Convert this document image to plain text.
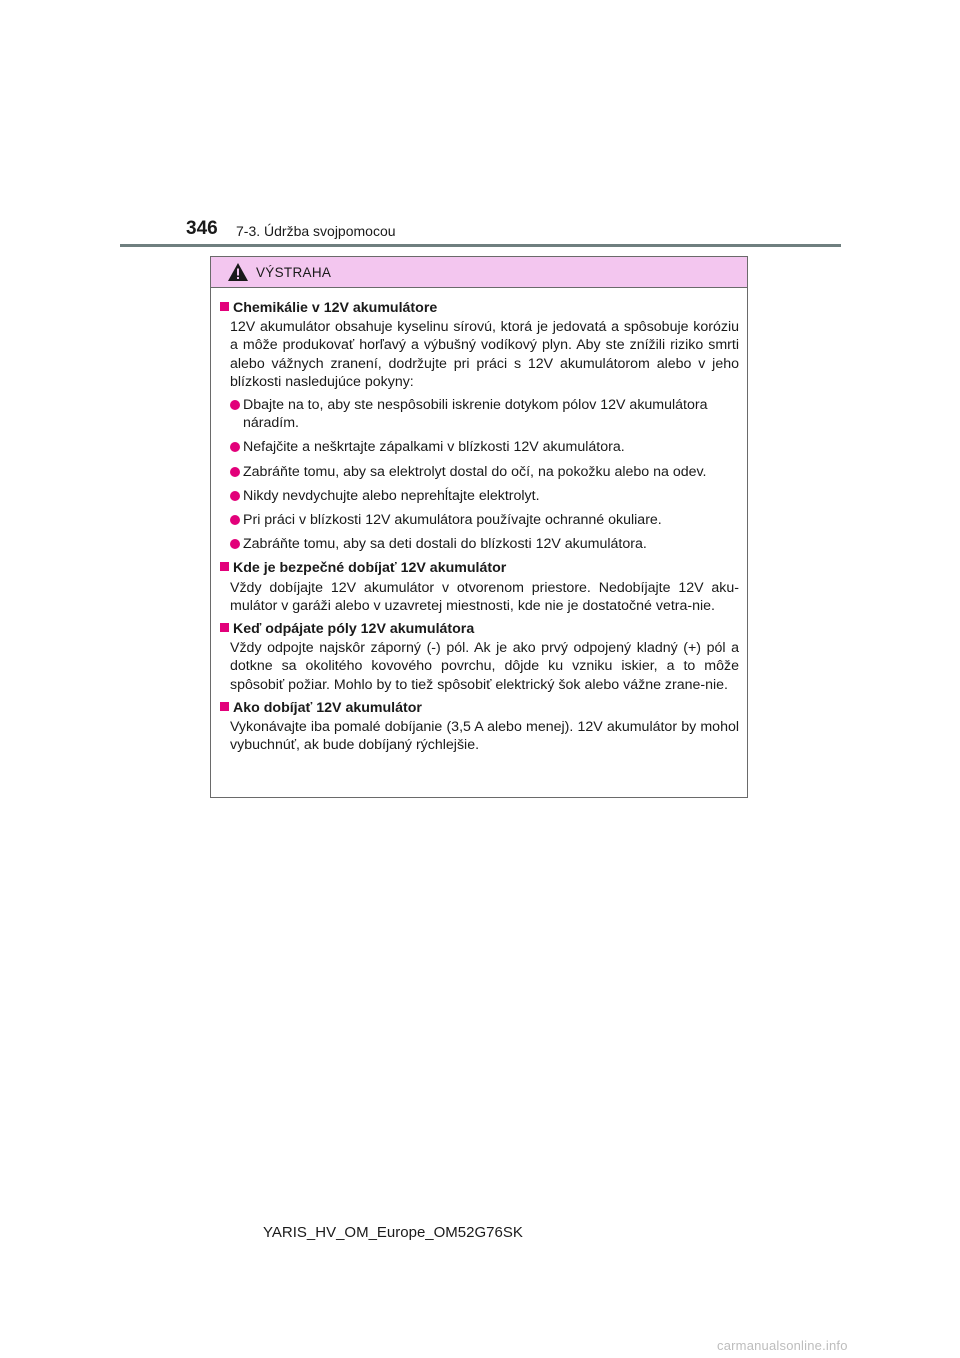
346 7-3. Údržba svojpomocou
VÝSTRAHA
Chemikálie v 12V akumulátore
12V akumulátor obsahuje kyselinu sírovú, ktorá je jedovatá a spôsobuje koróziu a môže produkovať horľavý a výbušný vodíkový plyn. Aby ste znížili riziko smrti alebo vážnych zranení, dodržujte pri práci s 12V akumulátorom alebo v jeho blízkosti nasledujúce pokyny:
Dbajte na to, aby ste nespôsobili iskrenie dotykom pólov 12V akumulátora náradím.
Nefajčite a neškrtajte zápalkami v blízkosti 12V akumulátora.
Zabráňte tomu, aby sa elektrolyt dostal do očí, na pokožku alebo na odev.
Nikdy nevdychujte alebo neprehĺtajte elektrolyt.
Pri práci v blízkosti 12V akumulátora používajte ochranné okuliare.
Zabráňte tomu, aby sa deti dostali do blízkosti 12V akumulátora.
Kde je bezpečné dobíjať 12V akumulátor
Vždy dobíjajte 12V akumulátor v otvorenom priestore. Nedobíjajte 12V aku-mulátor v garáži alebo v uzavretej miestnosti, kde nie je dostatočné vetra-nie.
Keď odpájate póly 12V akumulátora
Vždy odpojte najskôr záporný (-) pól. Ak je ako prvý odpojený kladný (+) pól a dotkne sa okolitého kovového povrchu, dôjde ku vzniku iskier, a to môže spôsobiť požiar. Mohlo by to tiež spôsobiť elektrický šok alebo vážne zrane-nie.
Ako dobíjať 12V akumulátor
Vykonávajte iba pomalé dobíjanie (3,5 A alebo menej). 12V akumulátor by mohol vybuchnúť, ak bude dobíjaný rýchlejšie.
YARIS_HV_OM_Europe_OM52G76SK
carmanualsonline.info
